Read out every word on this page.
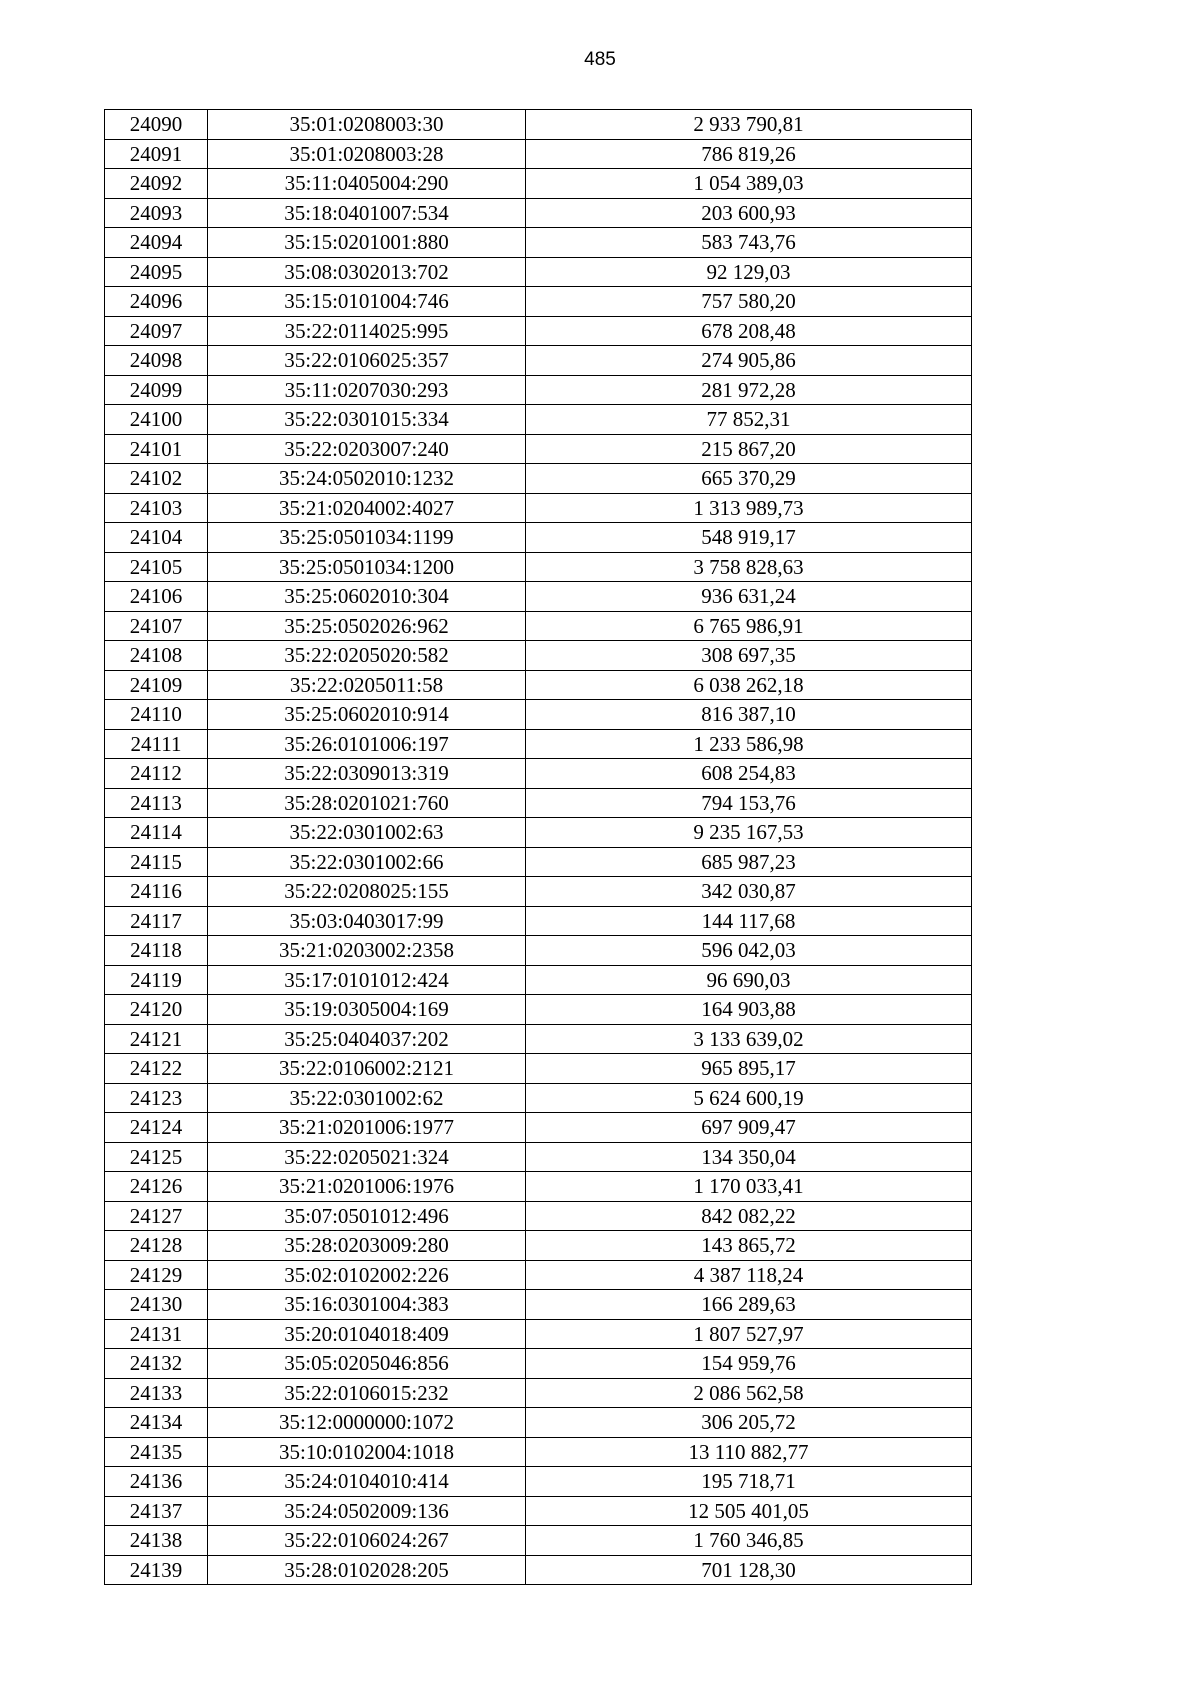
485
24090	35:01:0208003:30	2 933 790,81
24091	35:01:0208003:28	786 819,26
24092	35:11:0405004:290	1 054 389,03
24093	35:18:0401007:534	203 600,93
24094	35:15:0201001:880	583 743,76
24095	35:08:0302013:702	92 129,03
24096	35:15:0101004:746	757 580,20
24097	35:22:0114025:995	678 208,48
24098	35:22:0106025:357	274 905,86
24099	35:11:0207030:293	281 972,28
24100	35:22:0301015:334	77 852,31
24101	35:22:0203007:240	215 867,20
24102	35:24:0502010:1232	665 370,29
24103	35:21:0204002:4027	1 313 989,73
24104	35:25:0501034:1199	548 919,17
24105	35:25:0501034:1200	3 758 828,63
24106	35:25:0602010:304	936 631,24
24107	35:25:0502026:962	6 765 986,91
24108	35:22:0205020:582	308 697,35
24109	35:22:0205011:58	6 038 262,18
24110	35:25:0602010:914	816 387,10
24111	35:26:0101006:197	1 233 586,98
24112	35:22:0309013:319	608 254,83
24113	35:28:0201021:760	794 153,76
24114	35:22:0301002:63	9 235 167,53
24115	35:22:0301002:66	685 987,23
24116	35:22:0208025:155	342 030,87
24117	35:03:0403017:99	144 117,68
24118	35:21:0203002:2358	596 042,03
24119	35:17:0101012:424	96 690,03
24120	35:19:0305004:169	164 903,88
24121	35:25:0404037:202	3 133 639,02
24122	35:22:0106002:2121	965 895,17
24123	35:22:0301002:62	5 624 600,19
24124	35:21:0201006:1977	697 909,47
24125	35:22:0205021:324	134 350,04
24126	35:21:0201006:1976	1 170 033,41
24127	35:07:0501012:496	842 082,22
24128	35:28:0203009:280	143 865,72
24129	35:02:0102002:226	4 387 118,24
24130	35:16:0301004:383	166 289,63
24131	35:20:0104018:409	1 807 527,97
24132	35:05:0205046:856	154 959,76
24133	35:22:0106015:232	2 086 562,58
24134	35:12:0000000:1072	306 205,72
24135	35:10:0102004:1018	13 110 882,77
24136	35:24:0104010:414	195 718,71
24137	35:24:0502009:136	12 505 401,05
24138	35:22:0106024:267	1 760 346,85
24139	35:28:0102028:205	701 128,30
